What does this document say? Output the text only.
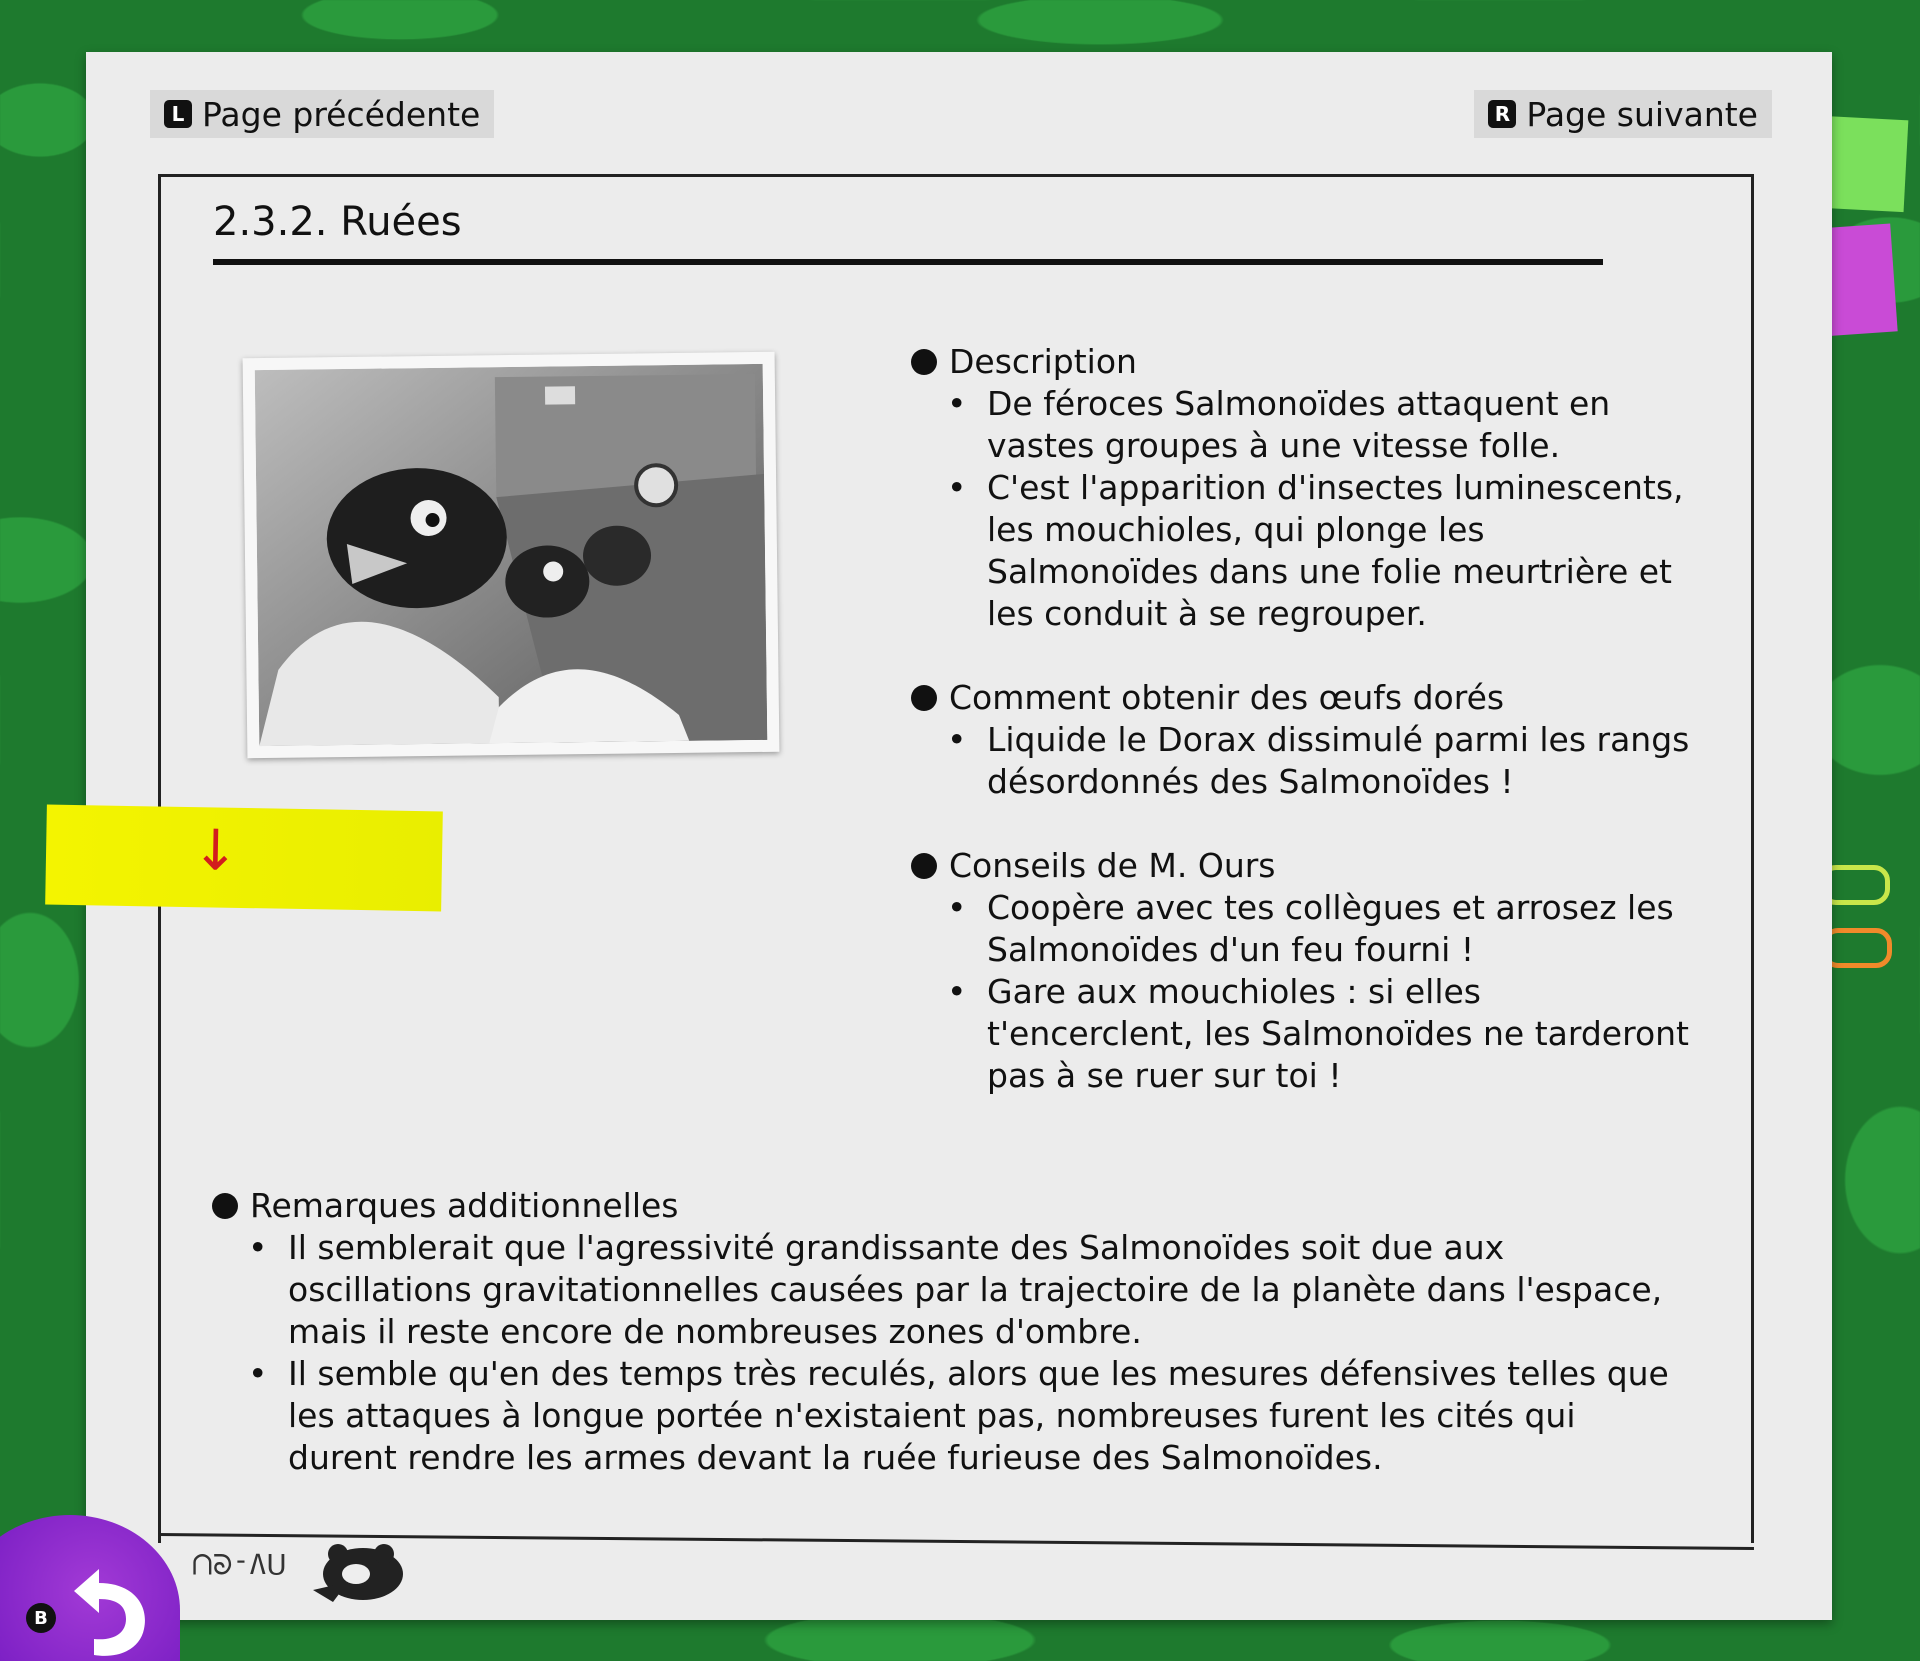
L Page précédente	R Page suivante
2.3.2. Ruées
Description
• De féroces Salmonoïdes attaquent en vastes groupes à une vitesse folle.
• C'est l'apparition d'insectes luminescents, les mouchioles, qui plonge les Salmonoïdes dans une folie meurtrière et les conduit à se regrouper.
Comment obtenir des œufs dorés
• Liquide le Dorax dissimulé parmi les rangs désordonnés des Salmonoïdes !
Conseils de M. Ours
• Coopère avec tes collègues et arrosez les Salmonoïdes d'un feu fourni !
• Gare aux mouchioles : si elles t'encerclent, les Salmonoïdes ne tarderont pas à se ruer sur toi !
↓
Remarques additionnelles
• Il semblerait que l'agressivité grandissante des Salmonoïdes soit due aux oscillations gravitationnelles causées par la trajectoire de la planète dans l'espace, mais il reste encore de nombreuses zones d'ombre.
• Il semble qu'en des temps très reculés, alors que les mesures défensives telles que les attaques à longue portée n'existaient pas, nombreuses furent les cités qui durent rendre les armes devant la ruée furieuse des Salmonoïdes.
ᑎV-ᘓᑌ
B
